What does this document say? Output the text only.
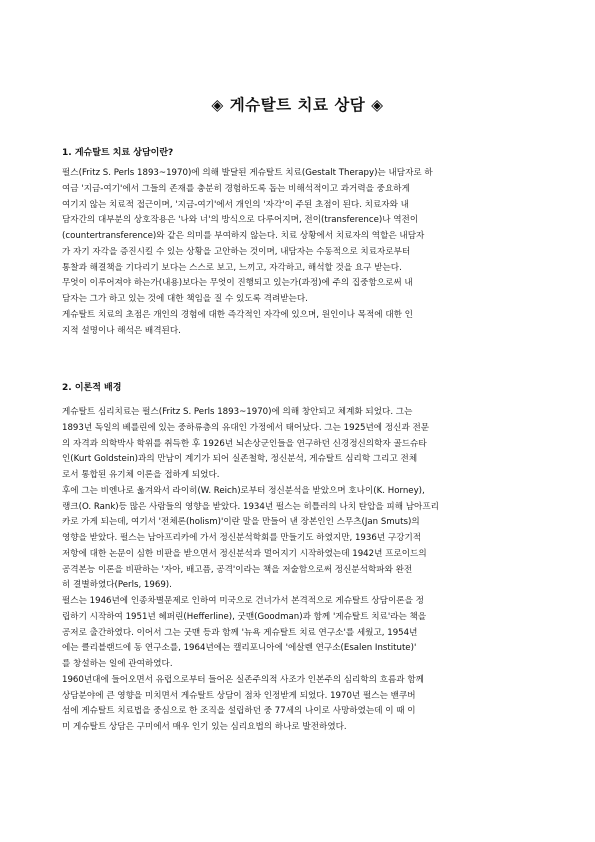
◈ 게슈탈트 치료 상담 ◈
1. 게슈탈트 치료 상담이란?
펄스(Fritz S. Perls 1893~1970)에 의해 발달된 게슈탈트 치료(Gestalt Therapy)는 내담자로 하
여금 '지금-여기'에서 그들의 존재를 충분히 경험하도록 돕는 비해석적이고 과거력을 중요하게
여기지 않는 치료적 접근이며, '지금-여기'에서 개인의 '자각'이 주된 초점이 된다. 치료자와 내
담자간의 대부분의 상호작용은 '나와 너'의 방식으로 다루어지며, 전이(transference)나 역전이
(countertransference)와 같은 의미를 부여하지 않는다. 치료 상황에서 치료자의 역할은 내담자
가 자기 자각을 증진시킬 수 있는 상황을 고안하는 것이며, 내담자는 수동적으로 치료자로부터
통찰과 해결책을 기다리기 보다는 스스로 보고, 느끼고, 자각하고, 해석할 것을 요구 받는다.
무엇이 이루어져야 하는가(내용)보다는 무엇이 진행되고 있는가(과정)에 주의 집중함으로써 내
담자는 그가 하고 있는 것에 대한 책임을 질 수 있도록 격려받는다.
게슈탈트 치료의 초점은 개인의 경험에 대한 즉각적인 자각에 있으며, 원인이나 목적에 대한 인
지적 설명이나 해석은 배격된다.
2. 이론적 배경
게슈탈트 심리치료는 펄스(Fritz S. Perls 1893~1970)에 의해 창안되고 체계화 되었다. 그는
1893년 독일의 베를린에 있는 중하류층의 유대인 가정에서 태어났다. 그는 1925년에 정신과 전문
의 자격과 의학박사 학위를 취득한 후 1926년 뇌손상군인들을 연구하던 신경정신의학자 골드슈타
인(Kurt Goldstein)과의 만남이 계기가 되어 실존철학, 정신분석, 게슈탈트 심리학 그리고 전체
로서 통합된 유기체 이론을 접하게 되었다.
후에 그는 비엔나로 옮겨와서 라이히(W. Reich)로부터 정신분석을 받았으며 호나이(K. Horney),
랭크(O. Rank)등 많은 사람들의 영향을 받았다. 1934년 펄스는 히틀러의 나치 탄압을 피해 남아프리
카로 가게 되는데, 여기서 '전체론(holism)'이란 말을 만들어 낸 장본인인 스무츠(Jan Smuts)의
영향을 받았다. 펄스는 남아프리카에 가서 정신분석학회를 만들기도 하였지만, 1936년 구강기적
저항에 대한 논문이 심한 비판을 받으면서 정신분석과 멀어지기 시작하였는데 1942년 프로이드의
공격본능 이론을 비판하는 '자아, 배고픔, 공격'이라는 책을 저술함으로써 정신분석학파와 완전
히 결별하였다(Perls, 1969).
펄스는 1946년에 인종차별문제로 인하여 미국으로 건너가서 본격적으로 게슈탈트 상담이론을 정
립하기 시작하여 1951년 헤퍼린(Hefferline), 굿맨(Goodman)과 함께 '게슈탈트 치료'라는 책을
공저로 출간하였다. 이어서 그는 굿맨 등과 함께 '뉴욕 게슈탈트 치료 연구소'를 세웠고, 1954년
에는 클리블랜드에 동 연구소를, 1964년에는 캘리포니아에 '에살렌 연구소(Esalen Institute)'
를 창설하는 일에 관여하였다.
1960년대에 들어오면서 유럽으로부터 들어온 실존주의적 사조가 인본주의 심리학의 흐름과 함께
상담분야에 큰 영향을 미치면서 게슈탈트 상담이 점차 인정받게 되었다. 1970년 펄스는 밴쿠버
섬에 게슈탈트 치료법을 중심으로 한 조직을 설립하던 중 77세의 나이로 사망하였는데 이 때 이
미 게슈탈트 상담은 구미에서 매우 인기 있는 심리요법의 하나로 발전하였다.
